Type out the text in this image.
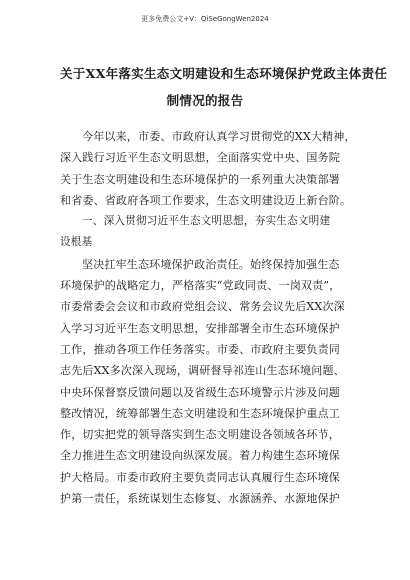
更多免费公文+V：QiSeGongWen2024
关于XX年落实生态文明建设和生态环境保护党政主体责任
制情况的报告
今年以来，市委、市政府认真学习贯彻党的XX大精神，
深入践行习近平生态文明思想，全面落实党中央、国务院
关于生态文明建设和生态环境保护的一系列重大决策部署
和省委、省政府各项工作要求，生态文明建设迈上新台阶。
一、深入贯彻习近平生态文明思想，夯实生态文明建
设根基
坚决扛牢生态环境保护政治责任。始终保持加强生态
环境保护的战略定力，严格落实“党政同责、一岗双责”，
市委常委会会议和市政府党组会议、常务会议先后XX次深
入学习习近平生态文明思想，安排部署全市生态环境保护
工作，推动各项工作任务落实。市委、市政府主要负责同
志先后XX多次深入现场，调研督导祁连山生态环境问题、
中央环保督察反馈问题以及省级生态环境警示片涉及问题
整改情况，统筹部署生态文明建设和生态环境保护重点工
作，切实把党的领导落实到生态文明建设各领域各环节，
全力推进生态文明建设向纵深发展。着力构建生态环境保
护大格局。市委市政府主要负责同志认真履行生态环境保
护第一责任，系统谋划生态修复、水源涵养、水源地保护
